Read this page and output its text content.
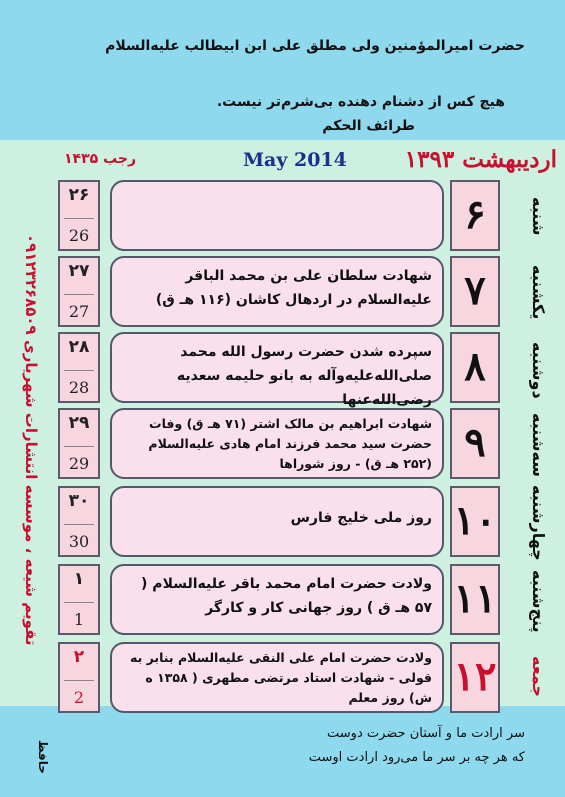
حضرت امیرالمؤمنین ولی مطلق علی ابن ابیطالب علیه‌السلام
هیچ کس از دشنام دهنده بی‌شرم‌تر نیست.
طرائف الحکم
اردیبهشت ۱۳۹۳
May 2014
۱۴۳۵ رجب
تقویم شیعه ، موسسه انتشارات شهریاری ۰۹۱۲۳۲۶۸۵۰۹
۲۶
26	۶
۲۷
27
شهادت سلطان علی بن محمد الباقر علیه‌السلام در اردهال کاشان (۱۱۶ هـ ق) ۷
۲۸
28
سپرده شدن حضرت رسول الله محمد صلی‌الله‌علیه‌وآله به بانو حلیمه سعدیه رضی‌الله‌عنها
۸
۲۹
29
شهادت ابراهیم بن مالک اشتر (۷۱ هـ ق) وفات حضرت سید محمد فرزند امام هادی علیه‌السلام (۲۵۲ هـ ق) - روز شوراها ۹
۳۰
30
روز ملی خلیج فارس ۱۰
۱
1
ولادت حضرت امام محمد باقر علیه‌السلام ( ۵۷ هـ ق ) روز جهانی کار و کارگر ۱۱
۲
2
ولادت حضرت امام علی النقی علیه‌السلام بنابر به قولی - شهادت استاد مرتضی مطهری ( ۱۳۵۸ ه ش) روز معلم ۱۲
شنبه
یکشنبه
دوشنبه
سه‌شنبه
چهارشنبه
پنج‌شنبه
جمعه
سر ارادت ما و آستان حضرت دوست
که هر چه بر سر ما می‌رود ارادت اوست
حافظ
